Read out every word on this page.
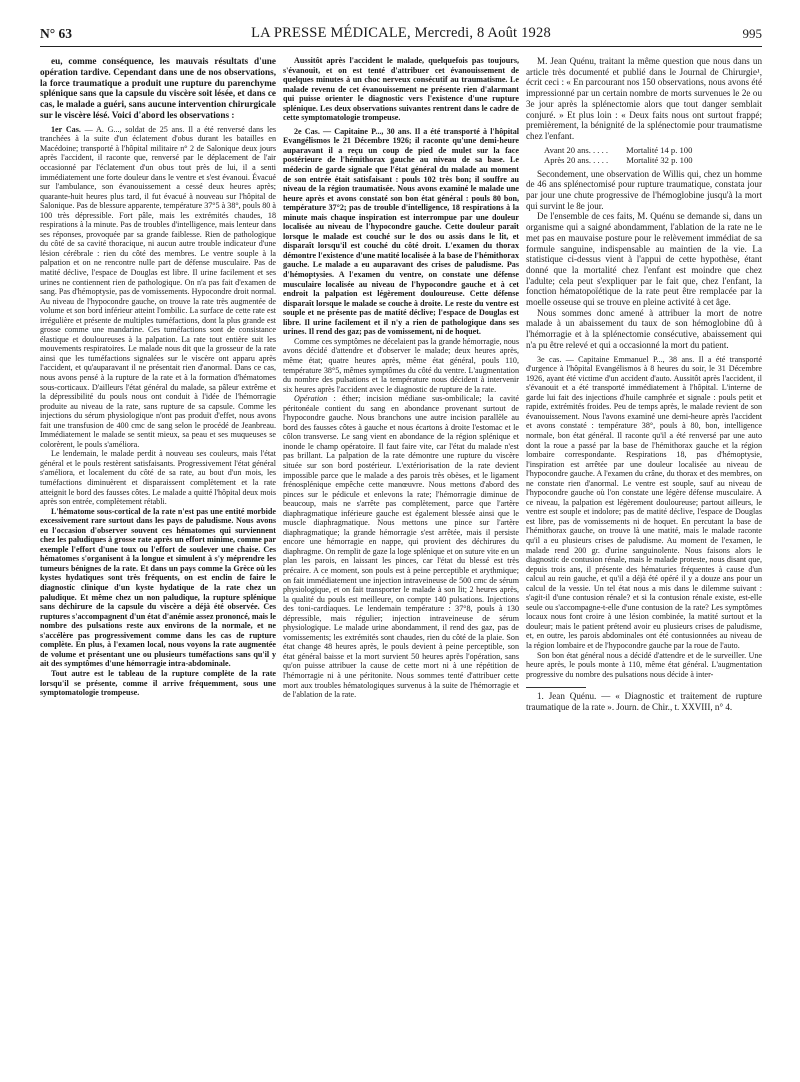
N° 63	LA PRESSE MÉDICALE, Mercredi, 8 Août 1928	995

eu, comme conséquence, les mauvais résultats d'une opération tardive. Cependant dans une de nos observations, la force traumatique a produit une rupture du parenchyme splénique sans que la capsule du viscère soit lésée, et dans ce cas, le malade a guéri, sans aucune intervention chirurgicale sur le viscère lésé. Voici d'abord les observations :

1er Cas. — A. G..., soldat de 25 ans. Il a été renversé dans les tranchées à la suite d'un éclatement d'obus durant les batailles en Macédoine; transporté à l'hôpital militaire n° 2 de Salonique deux jours après l'accident, il raconte que, renversé par le déplacement de l'air occasionné par l'éclatement d'un obus tout près de lui, il a senti immédiatement une forte douleur dans le ventre et s'est évanoui. Évacué sur l'ambulance, son évanouissement a cessé deux heures après; quarante-huit heures plus tard, il fut évacué à nouveau sur l'hôpital de Salonique. Pas de blessure apparente, température 37°5 à 38°, pouls 80 à 100 très dépressible. Fort pâle, mais les extrémités chaudes, 18 respirations à la minute. Pas de troubles d'intelligence, mais lenteur dans ses réponses, provoquée par sa grande faiblesse. Rien de pathologique du côté de sa cavité thoracique, ni aucun autre trouble indicateur d'une lésion cérébrale : rien du côté des membres. Le ventre souple à la palpation et on ne rencontre nulle part de défense musculaire. Pas de matité déclive, l'espace de Douglas est libre. Il urine facilement et ses urines ne contiennent rien de pathologique. On n'a pas fait d'examen de sang. Pas d'hémoptysie, pas de vomissements. Hypocondre droit normal. Au niveau de l'hypocondre gauche, on trouve la rate très augmentée de volume et son bord inférieur atteint l'ombilic. La surface de cette rate est irrégulière et présente de multiples tuméfactions, dont la plus grande est grosse comme une mandarine. Ces tuméfactions sont de consistance élastique et douloureuses à la palpation. La rate tout entière suit les mouvements respiratoires. Le malade nous dit que la grosseur de la rate ainsi que les tuméfactions signalées sur le viscère ont apparu après l'accident, et qu'auparavant il ne présentait rien d'anormal. Dans ce cas, nous avons pensé à la rupture de la rate et à la formation d'hématomes sous-corticaux. D'ailleurs l'état général du malade, sa pâleur extrême et la dépressibilité du pouls nous ont conduit à l'idée de l'hémorragie produite au niveau de la rate, sans rupture de sa capsule. Comme les injections du sérum physiologique n'ont pas produit d'effet, nous avons fait une transfusion de 400 cmc de sang selon le procédé de Jeanbreau. Immédiatement le malade se sentit mieux, sa peau et ses muqueuses se colorèrent, le pouls s'améliora.

Le lendemain, le malade perdit à nouveau ses couleurs, mais l'état général et le pouls restèrent satisfaisants. Progressivement l'état général s'améliora, et localement du côté de sa rate, au bout d'un mois, les tuméfactions diminuèrent et disparaissent complètement et la rate atteignit le bord des fausses côtes. Le malade a quitté l'hôpital deux mois après son entrée, complètement rétabli.

L'hématome sous-cortical de la rate n'est pas une entité morbide excessivement rare surtout dans les pays de paludisme. Nous avons eu l'occasion d'observer souvent ces hématomes qui surviennent chez les paludiques à grosse rate après un effort minime, comme par exemple l'effort d'une toux ou l'effort de soulever une chaise. Ces hématomes s'organisent à la longue et simulent à s'y méprendre les tumeurs bénignes de la rate. Et dans un pays comme la Grèce où les kystes hydatiques sont très fréquents, on est enclin de faire le diagnostic clinique d'un kyste hydatique de la rate chez un paludique. Et même chez un non paludique, la rupture splénique sans déchirure de la capsule du viscère a déjà été observée. Ces ruptures s'accompagnent d'un état d'anémie assez prononcé, mais le nombre des pulsations reste aux environs de la normale, et ne s'accélère pas progressivement comme dans les cas de rupture complète. En plus, à l'examen local, nous voyons la rate augmentée de volume et présentant une ou plusieurs tuméfactions sans qu'il y ait des symptômes d'une hémorragie intra-abdominale.

Tout autre est le tableau de la rupture complète de la rate lorsqu'il se présente, comme il arrive fréquemment, sous une symptomatologie trompeuse.

Aussitôt après l'accident le malade, quelquefois pas toujours, s'évanouit, et on est tenté d'attribuer cet évanouissement de quelques minutes à un choc nerveux consécutif au traumatisme. Le malade revenu de cet évanouissement ne présente rien d'alarmant qui puisse orienter le diagnostic vers l'existence d'une rupture splénique. Les deux observations suivantes rentrent dans le cadre de cette symptomatologie trompeuse.

2e Cas. — Capitaine P..., 30 ans. Il a été transporté à l'hôpital Evangélismos le 21 Décembre 1926; il raconte qu'une demi-heure auparavant il a reçu un coup de pied de mulet sur la face postérieure de l'hémithorax gauche au niveau de sa base. Le médecin de garde signale que l'état général du malade au moment de son entrée était satisfaisant : pouls 102 très bon; il souffre au niveau de la région traumatisée. Nous avons examiné le malade une heure après et avons constaté son bon état général : pouls 80 bon, température 37°2; pas de trouble d'intelligence, 18 respirations à la minute mais chaque inspiration est interrompue par une douleur localisée au niveau de l'hypocondre gauche. Cette douleur paraît lorsque le malade est couché sur le dos ou assis dans le lit, et disparaît lorsqu'il est couché du côté droit. L'examen du thorax démontre l'existence d'une matité localisée à la base de l'hémithorax gauche. Le malade a eu auparavant des crises de paludisme. Pas d'hémoptysies. A l'examen du ventre, on constate une défense musculaire localisée au niveau de l'hypocondre gauche et à cet endroit la palpation est légèrement douloureuse. Cette défense disparaît lorsque le malade se couche à droite. Le reste du ventre est souple et ne présente pas de matité déclive; l'espace de Douglas est libre. Il urine facilement et il n'y a rien de pathologique dans ses urines. Il rend des gaz; pas de vomissement, ni de hoquet.

Comme ces symptômes ne décelaient pas la grande hémorragie, nous avons décidé d'attendre et d'observer le malade; deux heures après, même état; quatre heures après, même état général, pouls 110, température 38°5, mêmes symptômes du côté du ventre. L'augmentation du nombre des pulsations et la température nous décident à intervenir six heures après l'accident avec le diagnostic de rupture de la rate.

Opération : éther; incision médiane sus-ombilicale; la cavité péritonéale contient du sang en abondance provenant surtout de l'hypocondre gauche. Nous branchons une autre incision parallèle au bord des fausses côtes à gauche et nous écartons à droite l'estomac et le côlon transverse. Le sang vient en abondance de la région splénique et inonde le champ opératoire. Il faut faire vite, car l'état du malade n'est pas brillant. La palpation de la rate démontre une rupture du viscère située sur son bord postérieur. L'extériorisation de la rate devient impossible parce que le malade a des parois très obèses, et le ligament frénosplénique empêche cette manœuvre. Nous mettons d'abord des pinces sur le pédicule et enlevons la rate; l'hémorragie diminue de beaucoup, mais ne s'arrête pas complètement, parce que l'artère diaphragmatique inférieure gauche est également blessée ainsi que le muscle diaphragmatique. Nous mettons une pince sur l'artère diaphragmatique; la grande hémorragie s'est arrêtée, mais il persiste encore une hémorragie en nappe, qui provient des déchirures du diaphragme. On remplit de gaze la loge splénique et on suture vite en un plan les parois, en laissant les pinces, car l'état du blessé est très précaire. A ce moment, son pouls est à peine perceptible et arythmique; on fait immédiatement une injection intraveineuse de 500 cmc de sérum physiologique, et on fait transporter le malade à son lit; 2 heures après, la qualité du pouls est meilleure, on compte 140 pulsations. Injections des toni-cardiaques. Le lendemain température : 37°8, pouls à 130 dépressible, mais régulier; injection intraveineuse de sérum physiologique. Le malade urine abondamment, il rend des gaz, pas de vomissements; les extrémités sont chaudes, rien du côté de la plaie. Son état change 48 heures après, le pouls devient à peine perceptible, son état général baisse et la mort survient 50 heures après l'opération, sans qu'on puisse attribuer la cause de cette mort ni à une répétition de l'hémorragie ni à une péritonite. Nous sommes tenté d'attribuer cette mort aux troubles hématologiques survenus à la suite de l'hémorragie et de l'ablation de la rate.

M. Jean Quénu, traitant la même question que nous dans un article très documenté et publié dans le Journal de Chirurgie¹, écrit ceci : « En parcourant nos 150 observations, nous avons été impressionné par un certain nombre de morts survenues le 2e ou 3e jour après la splénectomie alors que tout danger semblait conjuré. » Et plus loin : « Deux faits nous ont surtout frappé; premièrement, la bénignité de la splénectomie pour traumatisme chez l'enfant.

Avant 20 ans. . . . . Mortalité 14 p. 100
Après 20 ans. . . . . Mortalité 32 p. 100

Secondement, une observation de Willis qui, chez un homme de 46 ans splénectomisé pour rupture traumatique, constata jour par jour une chute progressive de l'hémoglobine jusqu'à la mort qui survint le 8e jour.

De l'ensemble de ces faits, M. Quénu se demande si, dans un organisme qui a saigné abondamment, l'ablation de la rate ne le met pas en mauvaise posture pour le relèvement immédiat de sa formule sanguine, indispensable au maintien de la vie. La statistique ci-dessus vient à l'appui de cette hypothèse, étant donné que la mortalité chez l'enfant est moindre que chez l'adulte; cela peut s'expliquer par le fait que, chez l'enfant, la fonction hématopoïétique de la rate peut être remplacée par la moelle osseuse qui se trouve en pleine activité à cet âge.

Nous sommes donc amené à attribuer la mort de notre malade à un abaissement du taux de son hémoglobine dû à l'hémorragie et à la splénectomie consécutive, abaissement qui n'a pu être relevé et qui a occasionné la mort du patient.

3e cas. — Capitaine Emmanuel P..., 38 ans. Il a été transporté d'urgence à l'hôpital Evangélismos à 8 heures du soir, le 31 Décembre 1926, ayant été victime d'un accident d'auto. Aussitôt après l'accident, il s'évanouit et a été transporté immédiatement à l'hôpital. L'interne de garde lui fait des injections d'huile camphrée et signale : pouls petit et rapide, extrémités froides. Peu de temps après, le malade revient de son évanouissement. Nous l'avons examiné une demi-heure après l'accident et avons constaté : température 38°, pouls à 80, bon, intelligence normale, bon état général. Il raconte qu'il a été renversé par une auto dont la roue a passé par la base de l'hémithorax gauche et la région lombaire correspondante. Respirations 18, pas d'hémoptysie, l'inspiration est arrêtée par une douleur localisée au niveau de l'hypocondre gauche. A l'examen du crâne, du thorax et des membres, on ne constate rien d'anormal. Le ventre est souple, sauf au niveau de l'hypocondre gauche où l'on constate une légère défense musculaire. A ce niveau, la palpation est légèrement douloureuse; partout ailleurs, le ventre est souple et indolore; pas de matité déclive, l'espace de Douglas est libre, pas de vomissements ni de hoquet. En percutant la base de l'hémithorax gauche, on trouve là une matité, mais le malade raconte qu'il a eu plusieurs crises de paludisme. Au moment de l'examen, le malade rend 200 gr. d'urine sanguinolente. Nous faisons alors le diagnostic de contusion rénale, mais le malade proteste, nous disant que, depuis trois ans, il présente des hématuries fréquentes à cause d'un calcul au rein gauche, et qu'il a déjà été opéré il y a douze ans pour un calcul de la vessie. Un tel état nous a mis dans le dilemme suivant : s'agit-il d'une contusion rénale? et si la contusion rénale existe, est-elle seule ou s'accompagne-t-elle d'une contusion de la rate? Les symptômes locaux nous font croire à une lésion combinée, la matité surtout et la douleur; mais le patient prétend avoir eu plusieurs crises de paludisme, et, en outre, les parois abdominales ont été contusionnées au niveau de la région lombaire et de l'hypocondre gauche par la roue de l'auto.

Son bon état général nous a décidé d'attendre et de le surveiller. Une heure après, le pouls monte à 110, même état général. L'augmentation progressive du nombre des pulsations nous décide à inter-

1. Jean Quénu. — « Diagnostic et traitement de rupture traumatique de la rate ». Journ. de Chir., t. XXVIII, n° 4.
